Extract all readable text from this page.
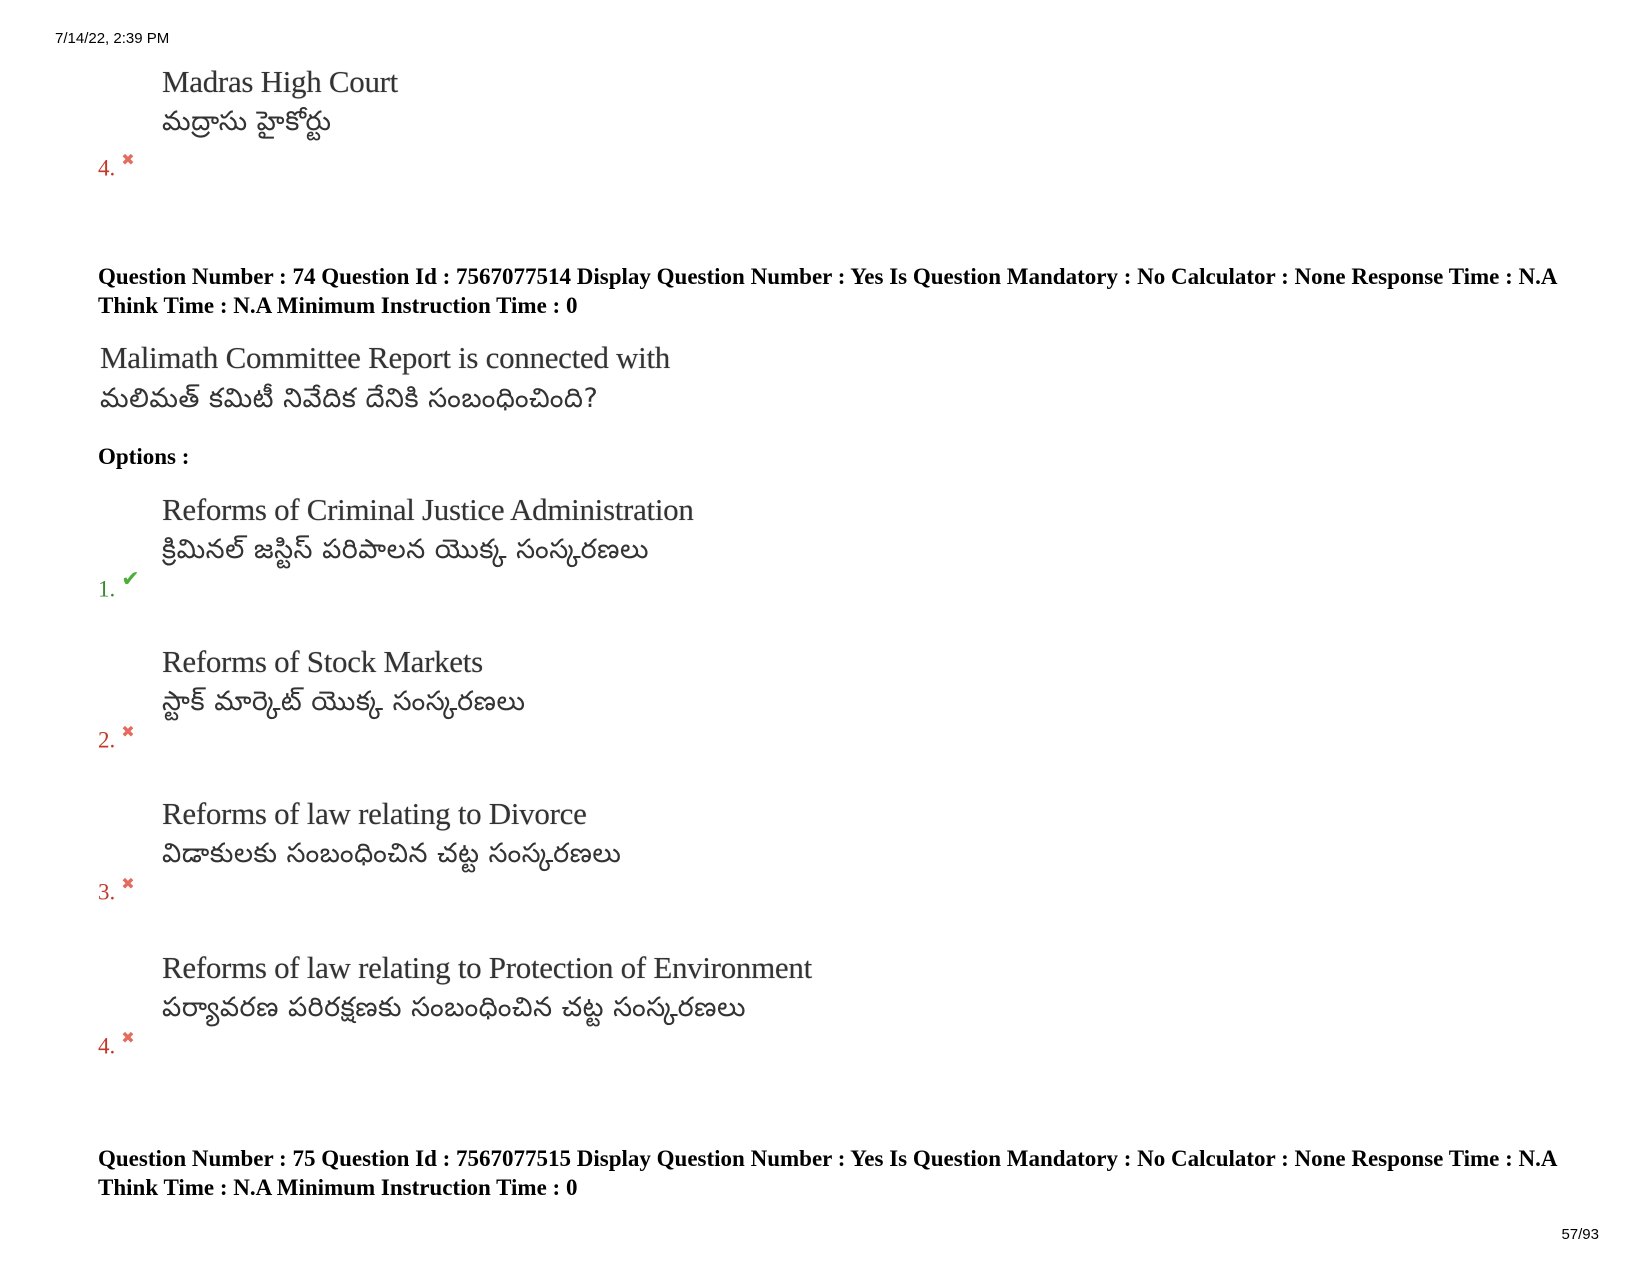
7/14/22, 2:39 PM
Madras High Court
మద్రాసు హైకోర్టు
4. ✖
Question Number : 74 Question Id : 7567077514 Display Question Number : Yes Is Question Mandatory : No Calculator : None Response Time : N.A Think Time : N.A Minimum Instruction Time : 0
Malimath Committee Report is connected with
మలిమత్ కమిటీ నివేదిక దేనికి సంబంధించింది?
Options :
Reforms of Criminal Justice Administration
క్రిమినల్ జస్టిస్ పరిపాలన యొక్క సంస్కరణలు
1. ✔
Reforms of Stock Markets
స్టాక్ మార్కెట్ యొక్క సంస్కరణలు
2. ✖
Reforms of law relating to Divorce
విడాకులకు సంబంధించిన చట్ట సంస్కరణలు
3. ✖
Reforms of law relating to Protection of Environment
పర్యావరణ పరిరక్షణకు సంబంధించిన చట్ట సంస్కరణలు
4. ✖
Question Number : 75 Question Id : 7567077515 Display Question Number : Yes Is Question Mandatory : No Calculator : None Response Time : N.A Think Time : N.A Minimum Instruction Time : 0
57/93
